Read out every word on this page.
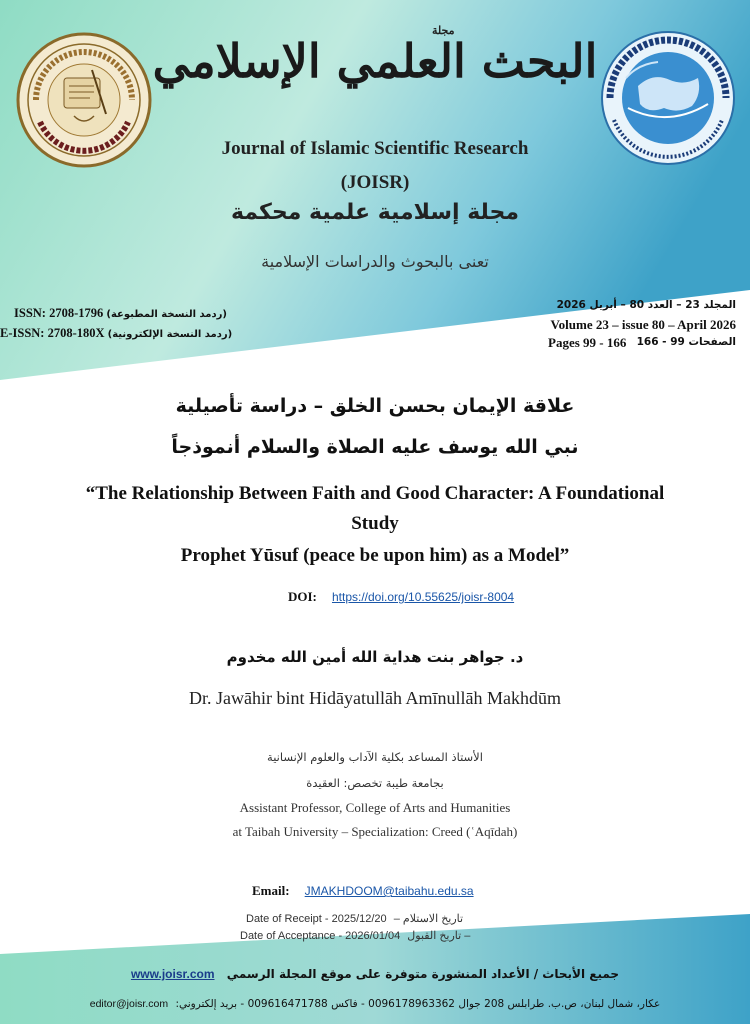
مجلة
البحث العلمي الإسلامي
Journal of Islamic Scientific Research
(JOISR)
مجلة إسلامية علمية محكمة
تعنى بالبحوث والدراسات الإسلامية
ISSN: 2708-1796 (ردمد النسخة المطبوعة)
E-ISSN: 2708-180X (ردمد النسخة الإلكترونية)
المجلد 23 – العدد 80 – أبريل 2026
Volume 23 – issue 80 – April 2026
Pages 99 - 166 الصفحات 99 - 166
علاقة الإيمان بحسن الخلق – دراسة تأصيلية
نبي الله يوسف عليه الصلاة والسلام أنموذجاً
“The Relationship Between Faith and Good Character: A Foundational
Study
Prophet Yūsuf (peace be upon him) as a Model”
DOI: https://doi.org/10.55625/joisr-8004
د. جواهر بنت هداية الله أمين الله مخدوم
Dr. Jawāhir bint Hidāyatullāh Amīnullāh Makhdūm
الأستاذ المساعد بكلية الآداب والعلوم الإنسانية
بجامعة طيبة تخصص: العقيدة
Assistant Professor, College of Arts and Humanities
at Taibah University – Specialization: Creed (ʿAqīdah)
Email: JMAKHDOOM@taibahu.edu.sa
Date of Receipt - 2025/12/20 تاريخ الاستلام –
Date of Acceptance - 2026/01/04 – تاريخ القبول
www.joisr.com جميع الأبحاث / الأعداد المنشورة متوفرة على موقع المجلة الرسمي
editor@joisr.com عكار، شمال لبنان، ص.ب. طرابلس 208 جوال 0096178963362 - فاكس 009616471788 - بريد إلكتروني:
